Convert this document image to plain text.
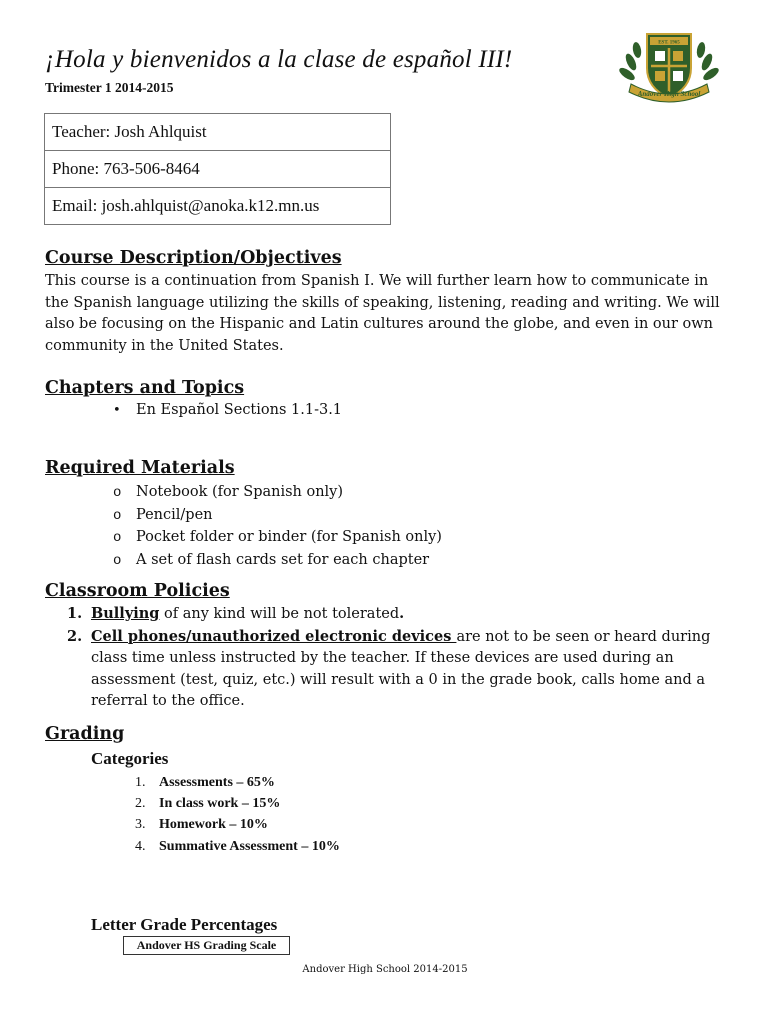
¡Hola y bienvenidos a la clase de español III!
Trimester 1 2014-2015
EST. 1965
Andover High School
Teacher: Josh Ahlquist
Phone: 763-506-8464
Email: josh.ahlquist@anoka.k12.mn.us
Course Description/Objectives

This course is a continuation from Spanish I. We will further learn how to communicate in the Spanish language utilizing the skills of speaking, listening, reading and writing. We will also be focusing on the Hispanic and Latin cultures around the globe, and even in our own community in the United States.

Chapters and Topics
• En Español Sections 1.1-3.1
Required Materials
o Notebook (for Spanish only)
o Pencil/pen
o Pocket folder or binder (for Spanish only)
o A set of flash cards set for each chapter
Classroom Policies
1. Bullying of any kind will be not tolerated.
2. Cell phones/unauthorized electronic devices are not to be seen or heard during class time unless instructed by the teacher. If these devices are used during an assessment (test, quiz, etc.) will result with a 0 in the grade book, calls home and a referral to the office.
Grading
Categories
1. Assessments – 65%
2. In class work – 15%
3. Homework – 10%
4. Summative Assessment – 10%
Letter Grade Percentages
Andover HS Grading Scale
Andover High School 2014-2015
